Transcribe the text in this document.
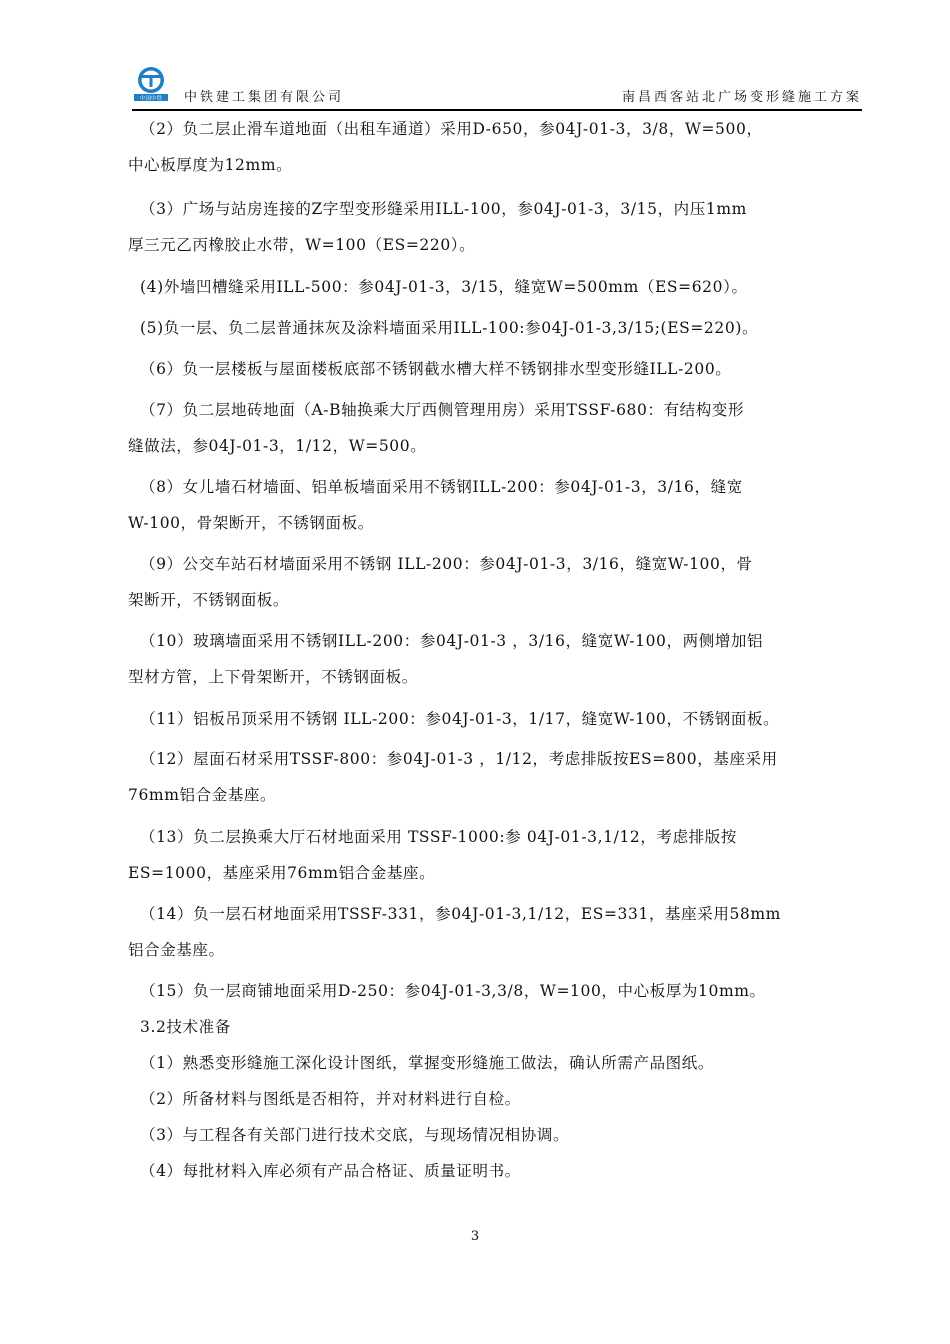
中国中铁 中铁建工集团有限公司	南昌西客站北广场变形缝施工方案
（2）负二层止滑车道地面（出租车通道）采用D-650，参04J-01-3，3/8，W=500，
中心板厚度为12mm。
（3）广场与站房连接的Z字型变形缝采用ILL-100，参04J-01-3，3/15，内压1mm
厚三元乙丙橡胶止水带，W=100（ES=220）。
(4)外墙凹槽缝采用ILL-500：参04J-01-3，3/15，缝宽W=500mm（ES=620）。
(5)负一层、负二层普通抹灰及涂料墙面采用ILL-100:参04J-01-3,3/15;(ES=220)。
（6）负一层楼板与屋面楼板底部不锈钢截水槽大样不锈钢排水型变形缝ILL-200。
（7）负二层地砖地面（A-B轴换乘大厅西侧管理用房）采用TSSF-680：有结构变形
缝做法，参04J-01-3，1/12，W=500。
（8）女儿墙石材墙面、铝单板墙面采用不锈钢ILL-200：参04J-01-3，3/16，缝宽
W-100，骨架断开，不锈钢面板。
（9）公交车站石材墙面采用不锈钢 ILL-200：参04J-01-3，3/16，缝宽W-100，骨
架断开，不锈钢面板。
（10）玻璃墙面采用不锈钢ILL-200：参04J-01-3 ，3/16，缝宽W-100，两侧增加铝
型材方管，上下骨架断开，不锈钢面板。
（11）铝板吊顶采用不锈钢 ILL-200：参04J-01-3，1/17，缝宽W-100，不锈钢面板。
（12）屋面石材采用TSSF-800：参04J-01-3 ，1/12，考虑排版按ES=800，基座采用
76mm铝合金基座。
（13）负二层换乘大厅石材地面采用 TSSF-1000:参 04J-01-3,1/12，考虑排版按
ES=1000，基座采用76mm铝合金基座。
（14）负一层石材地面采用TSSF-331，参04J-01-3,1/12，ES=331，基座采用58mm
铝合金基座。
（15）负一层商铺地面采用D-250：参04J-01-3,3/8，W=100，中心板厚为10mm。
3.2技术准备
（1）熟悉变形缝施工深化设计图纸，掌握变形缝施工做法，确认所需产品图纸。
（2）所备材料与图纸是否相符，并对材料进行自检。
（3）与工程各有关部门进行技术交底，与现场情况相协调。
（4）每批材料入库必须有产品合格证、质量证明书。
3
